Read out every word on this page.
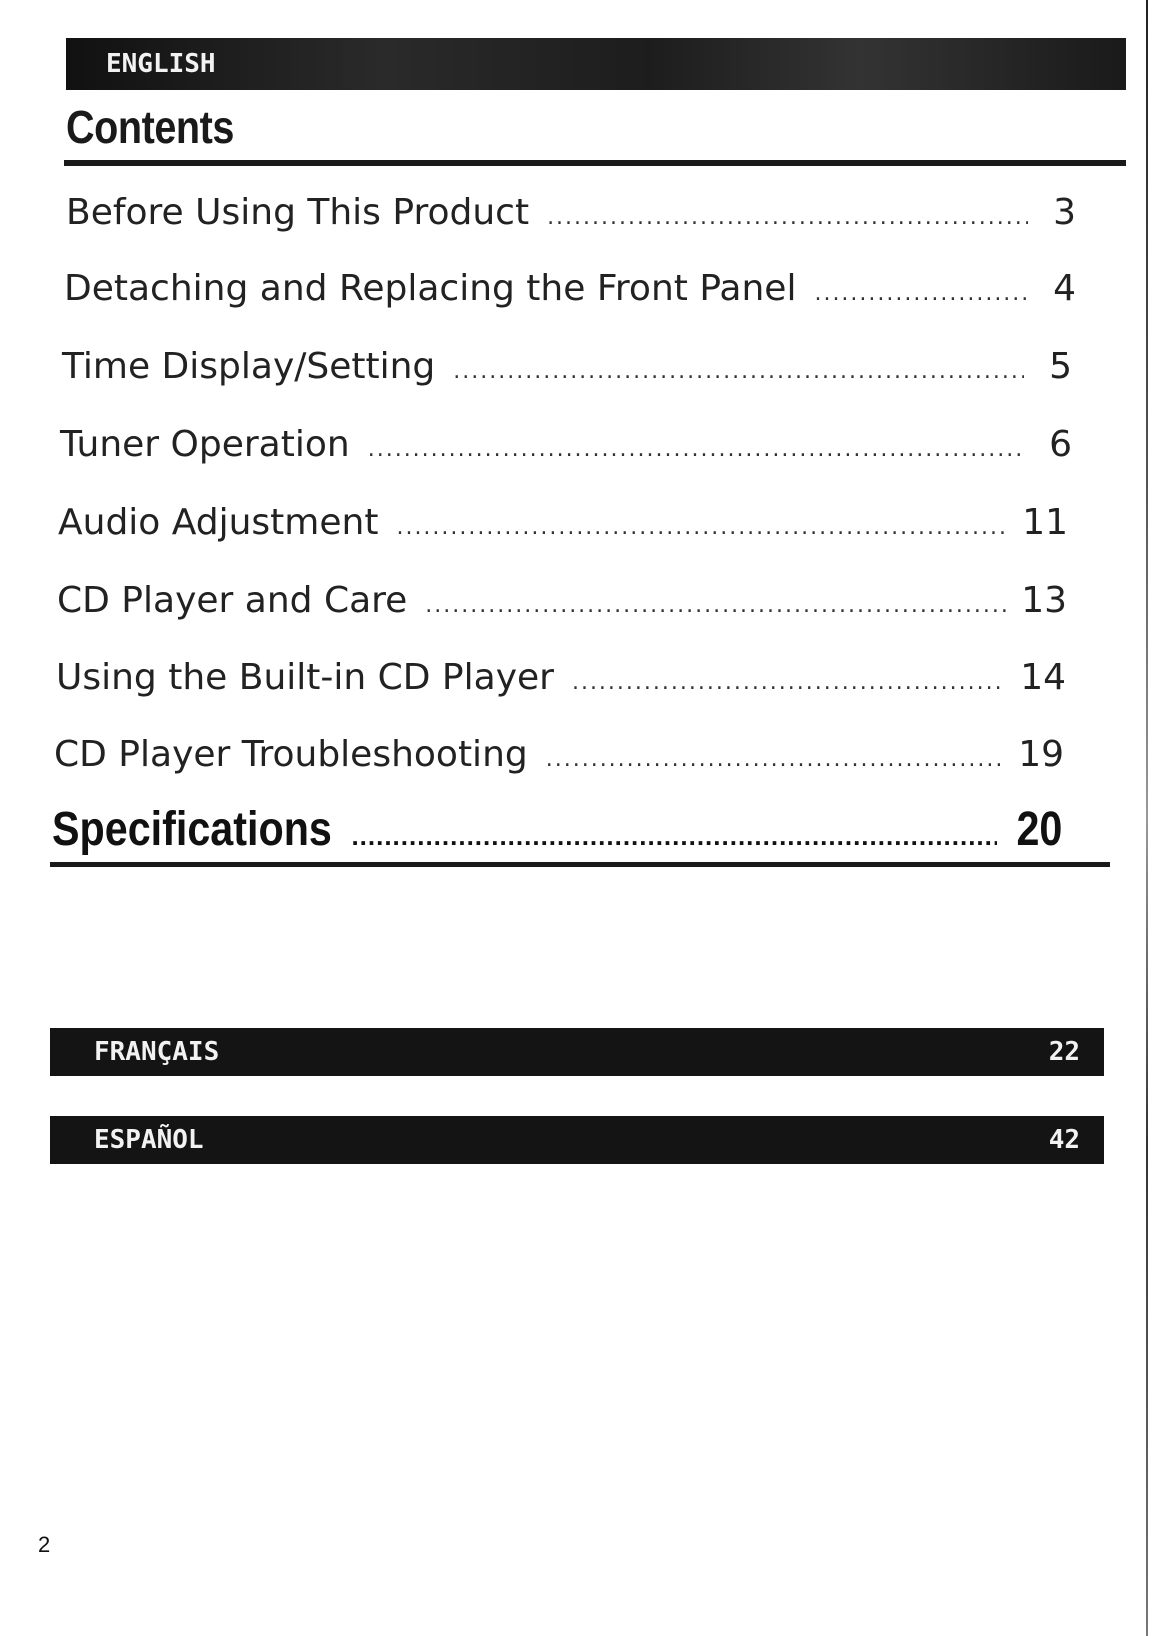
ENGLISH
Contents
Before Using This Product .....	3
Detaching and Replacing the Front Panel .....	4
Time Display/Setting .....	5
Tuner Operation .....	6
Audio Adjustment .....	11
CD Player and Care .....	13
Using the Built-in CD Player .....	14
CD Player Troubleshooting .....	19
Specifications .....	20
FRANÇAIS	22
ESPAÑOL	42
2
